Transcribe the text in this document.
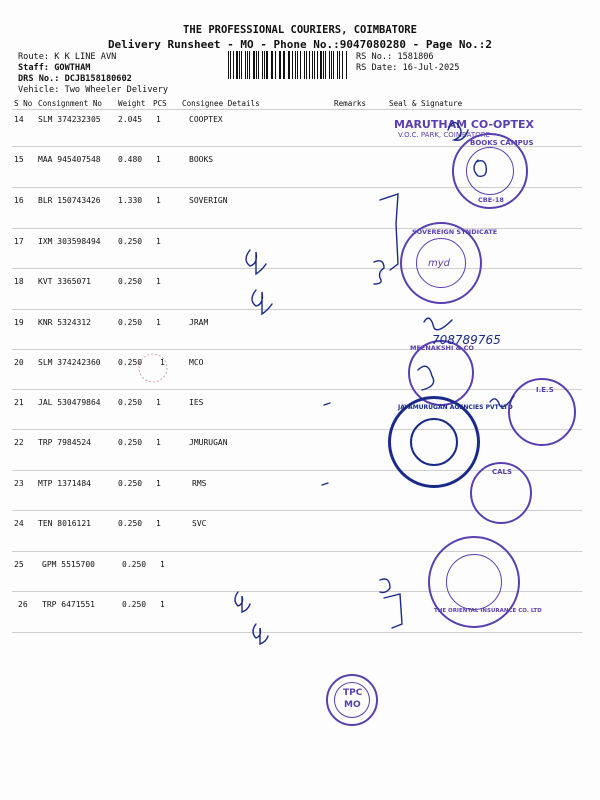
THE PROFESSIONAL COURIERS, COIMBATORE
Delivery Runsheet - MO - Phone No.:9047080280 - Page No.:2
Route: K K LINE AVN
Staff: GOWTHAM
DRS No.: DCJB158180602
Vehicle: Two Wheeler Delivery
RS No.: 1581806
RS Date: 16-Jul-2025
S No Consignment No Weight PCS Consignee Details	Remarks	Seal & Signature
14 SLM 374232305 2.045 1	COOPTEX
15 MAA 945407548 0.480 1	BOOKS
16 BLR 150743426 1.330 1	SOVERIGN
17 IXM 303598494 0.250 1
18 KVT 3365071	0.250 1
19 KNR 5324312	0.250 1	JRAM
20 SLM 374242360 0.250 1	MCO
21 JAL 530479864 0.250 1	IES
22 TRP 7984524	0.250 1	JMURUGAN
23 MTP 1371484	0.250 1	RMS
24 TEN 8016121	0.250 1	SVC
25 GPM 5515700	0.250 1
26 TRP 6471551	0.250 1
MARUTHAM CO-OPTEX
V.O.C. PARK, COIMBATORE
BOOKS CAMPUS
CBE-18
SOVEREIGN SYNDICATE
myd
MEENAKSHI & CO
708789765
JAYAMURUGAN AGENCIES PVT LTD
I.E.S
CALS
THE ORIENTAL INSURANCE CO. LTD
TPC
MO
